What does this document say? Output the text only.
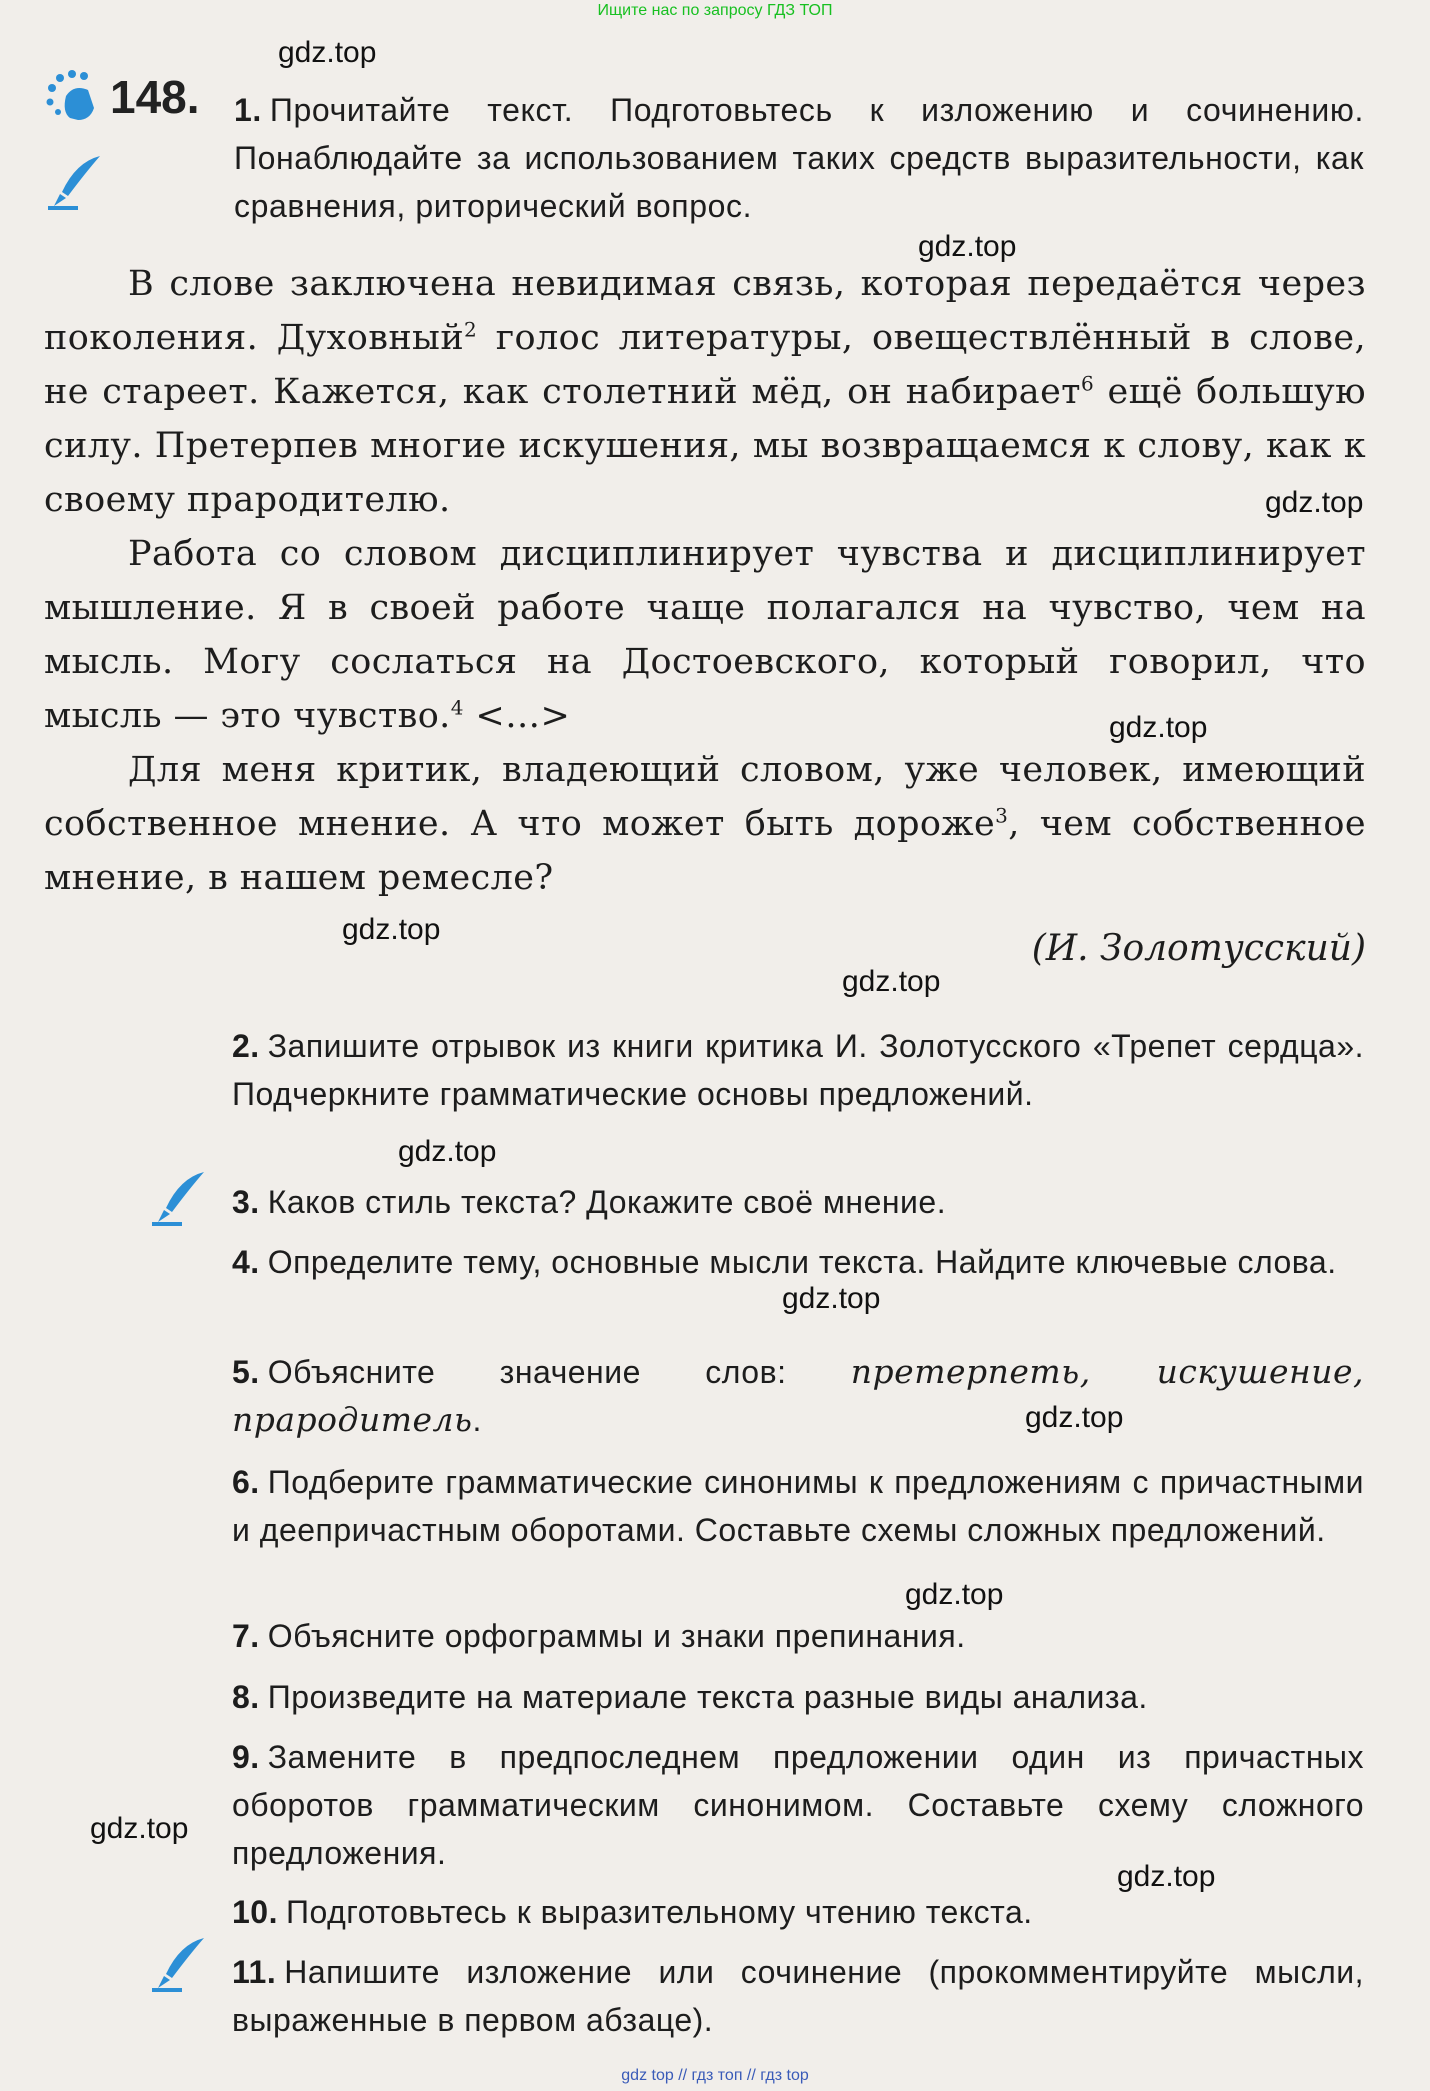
Ищите нас по запросу ГДЗ ТОП
gdz.top
gdz.top
gdz.top
gdz.top
gdz.top
gdz.top
gdz.top
gdz.top
gdz.top
gdz.top
gdz.top
gdz.top
148. 1. Прочитайте текст. Подготовьтесь к изложению и сочинению. Понаблюдайте за использованием таких средств выразительности, как сравнения, риторический вопрос.

В слове заключена невидимая связь, которая передаётся через поколения. Духовный$^2$ голос литературы, овеществлённый в слове, не стареет. Кажется, как столетний мёд, он набирает$^6$ ещё большую силу. Претерпев многие искушения, мы возвращаемся к слову, как к своему прародителю.

Работа со словом дисциплинирует чувства и дисциплинирует мышление. Я в своей работе чаще полагался на чувство, чем на мысль. Могу сослаться на Достоевского, который говорил, что мысль — это чувство.$^4$ <…>

Для меня критик, владеющий словом, уже человек, имеющий собственное мнение. А что может быть дороже$^3$, чем собственное мнение, в нашем ремесле?

(И. Золотусский)
2. Запишите отрывок из книги критика И. Золотусского «Трепет сердца». Подчеркните грамматические основы предложений.
3. Каков стиль текста? Докажите своё мнение.
4. Определите тему, основные мысли текста. Найдите ключевые слова.
5. Объясните значение слов: претерпеть, искушение, прародитель.
6. Подберите грамматические синонимы к предложениям с причастными и деепричастным оборотами. Составьте схемы сложных предложений.
7. Объясните орфограммы и знаки препинания.
8. Произведите на материале текста разные виды анализа.
9. Замените в предпоследнем предложении один из причастных оборотов грамматическим синонимом. Составьте схему сложного предложения.
10. Подготовьтесь к выразительному чтению текста.
11. Напишите изложение или сочинение (прокомментируйте мысли, выраженные в первом абзаце).
gdz top // гдз топ // гдз top
